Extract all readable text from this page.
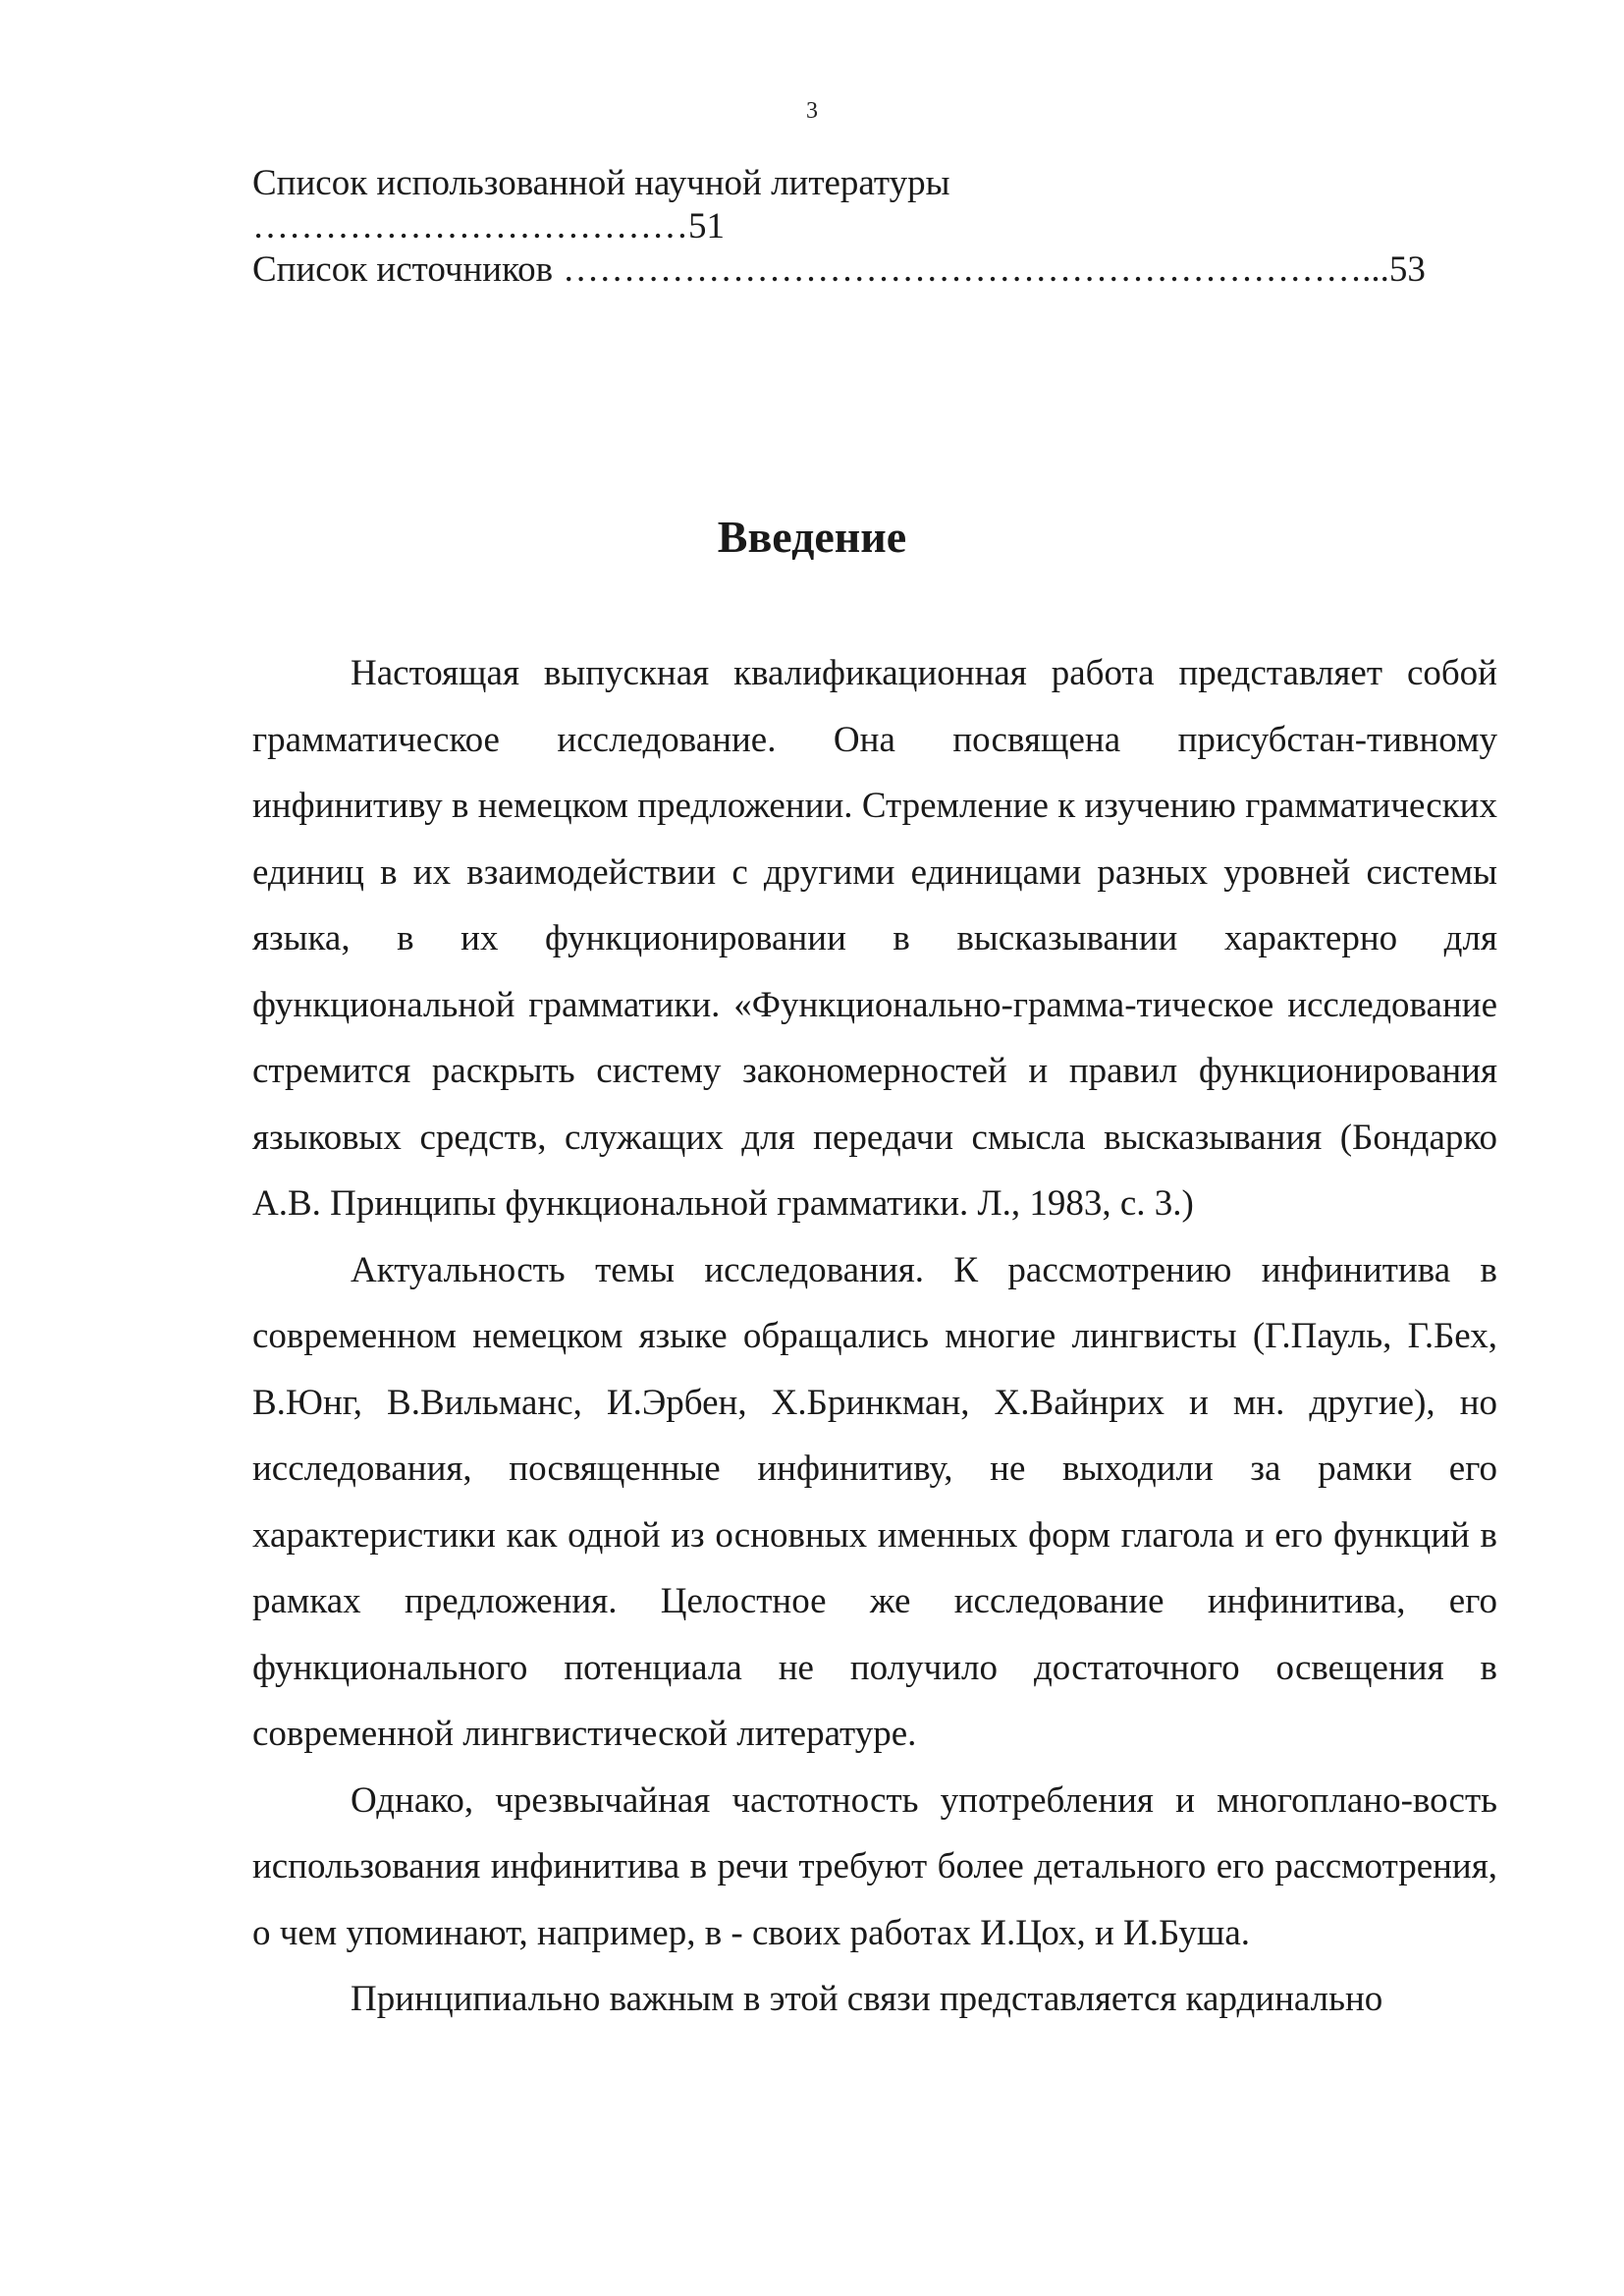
3
Список использованной научной литературы
………………………………51
Список источников …………………………………………………………...53
Введение

Настоящая выпускная квалификационная работа представляет собой грамматическое исследование. Она посвящена присубстан-тивному инфинитиву в немецком предложении. Стремление к изучению грамматических единиц в их взаимодействии с другими единицами разных уровней системы языка, в их функционировании в высказывании характерно для функциональной грамматики. «Функционально-граммa-тическое исследование стремится раскрыть систему закономерностей и правил функционирования языковых средств, служащих для передачи смысла высказывания (Бондарко А.В. Принципы функциональной грамматики. Л., 1983, с. 3.)

Актуальность темы исследования. К рассмотрению инфинитива в современном немецком языке обращались многие лингвисты (Г.Пауль, Г.Бех, В.Юнг, В.Вильманс, И.Эрбен, Х.Бринкман, Х.Вайнрих и мн. другие), но исследования, посвященные инфинитиву, не выходили за рамки его характеристики как одной из основных именных форм глагола и его функций в рамках предложения. Целостное же исследование инфинитива, его функционального потенциала не получило достаточного освещения в современной лингвистической литературе.

Однако, чрезвычайная частотность употребления и многоплано-вость использования инфинитива в речи требуют более детального его рассмотрения, о чем упоминают, например, в - своих работах И.Цох, и И.Буша.

Принципиально важным в этой связи представляется кардинально
